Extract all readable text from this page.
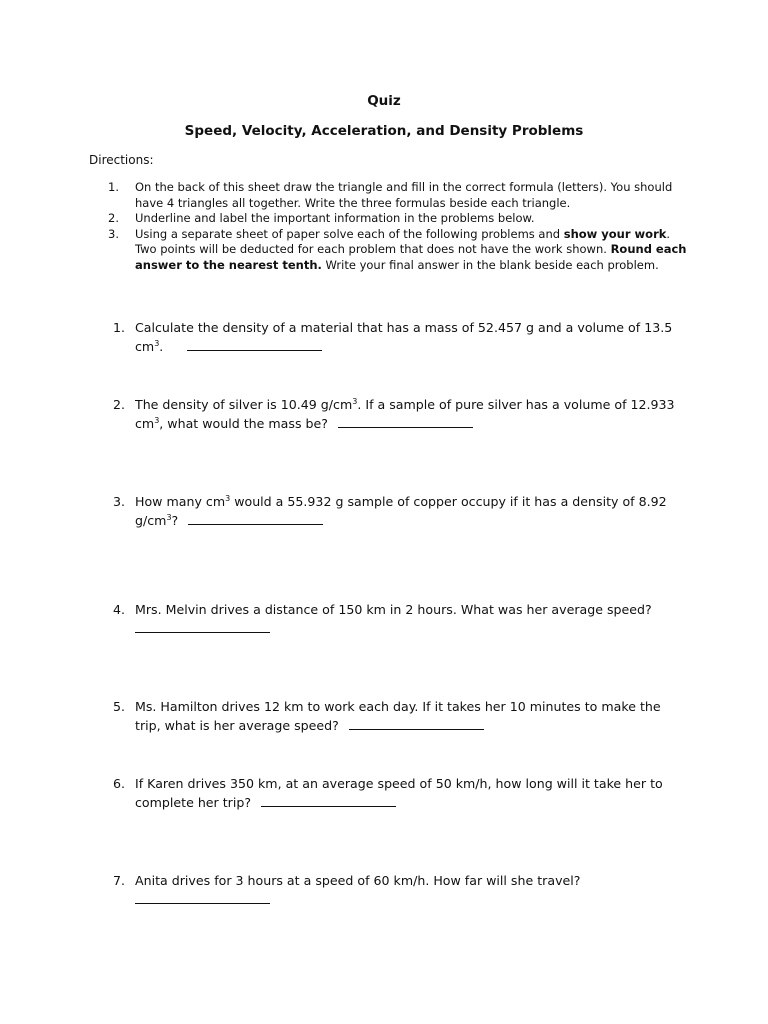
Quiz
Speed, Velocity, Acceleration, and Density Problems
Directions:
1. On the back of this sheet draw the triangle and fill in the correct formula (letters). You should
have 4 triangles all together. Write the three formulas beside each triangle.
2. Underline and label the important information in the problems below.
3. Using a separate sheet of paper solve each of the following problems and show your work.
Two points will be deducted for each problem that does not have the work shown. Round each
answer to the nearest tenth. Write your final answer in the blank beside each problem.
1. Calculate the density of a material that has a mass of 52.457 g and a volume of 13.5
$cm^3$.
2. The density of silver is 10.49 $g/cm^3$. If a sample of pure silver has a volume of 12.933
$cm^3$, what would the mass be?
3. How many $cm^3$ would a 55.932 g sample of copper occupy if it has a density of 8.92
$g/cm^3$?
4. Mrs. Melvin drives a distance of 150 km in 2 hours. What was her average speed?

5. Ms. Hamilton drives 12 km to work each day. If it takes her 10 minutes to make the
trip, what is her average speed?
6. If Karen drives 350 km, at an average speed of 50 km/h, how long will it take her to
complete her trip?
7. Anita drives for 3 hours at a speed of 60 km/h. How far will she travel?
